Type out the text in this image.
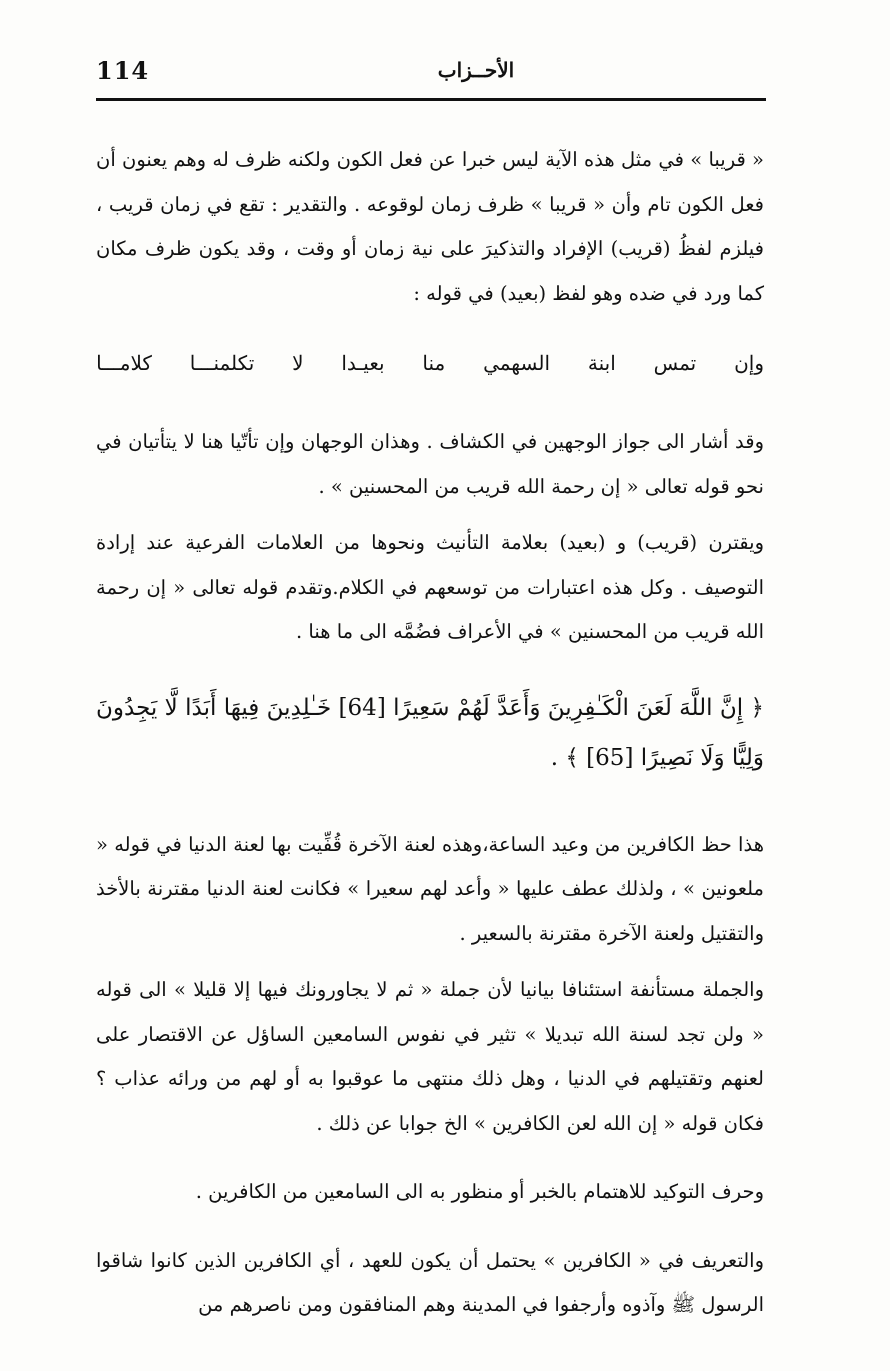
114	الأحــزاب

« قريبا » في مثل هذه الآية ليس خبرا عن فعل الكون ولكنه ظرف له وهم يعنون أن فعل الكون تام وأن « قريبا » ظرف زمان لوقوعه . والتقدير : تقع في زمان قريب ، فيلزم لفظُ (قريب) الإفراد والتذكيرَ على نية زمان أو وقت ، وقد يكون ظرف مكان كما ورد في ضده وهو لفظ (بعيد) في قوله :

وإن
تمس
ابنة
السهمي
منا
بعيـدا
لا
تكلمنـــا
كلامـــا

وقد أشار الى جواز الوجهين في الكشاف . وهذان الوجهان وإن تأتّيا هنا لا يتأتيان في نحو قوله تعالى « إن رحمة الله قريب من المحسنين » .

ويقترن (قريب) و (بعيد) بعلامة التأنيث ونحوها من العلامات الفرعية عند إرادة التوصيف . وكل هذه اعتبارات من توسعهم في الكلام.وتقدم قوله تعالى « إن رحمة الله قريب من المحسنين » في الأعراف فضُمَّه الى ما هنا .

﴿ إِنَّ اللَّهَ لَعَنَ الْكَـٰفِرِينَ وَأَعَدَّ لَهُمْ سَعِيرًا [64] خَـٰلِدِينَ فِيهَا أَبَدًا لَّا يَجِدُونَ وَلِيًّا وَلَا نَصِيرًا [65] ﴾ .

هذا حظ الكافرين من وعيد الساعة،وهذه لعنة الآخرة قُفِّيت بها لعنة الدنيا في قوله « ملعونين » ، ولذلك عطف عليها « وأعد لهم سعيرا » فكانت لعنة الدنيا مقترنة بالأخذ والتقتيل ولعنة الآخرة مقترنة بالسعير .

والجملة مستأنفة استئنافا بيانيا لأن جملة « ثم لا يجاورونك فيها إلا قليلا » الى قوله « ولن تجد لسنة الله تبديلا » تثير في نفوس السامعين الساؤل عن الاقتصار على لعنهم وتقتيلهم في الدنيا ، وهل ذلك منتهى ما عوقبوا به أو لهم من ورائه عذاب ؟ فكان قوله « إن الله لعن الكافرين » الخ جوابا عن ذلك .

وحرف التوكيد للاهتمام بالخبر أو منظور به الى السامعين من الكافرين .

والتعريف في « الكافرين » يحتمل أن يكون للعهد ، أي الكافرين الذين كانوا شاقوا الرسول ﷺ وآذوه وأرجفوا في المدينة وهم المنافقون ومن ناصرهم من
